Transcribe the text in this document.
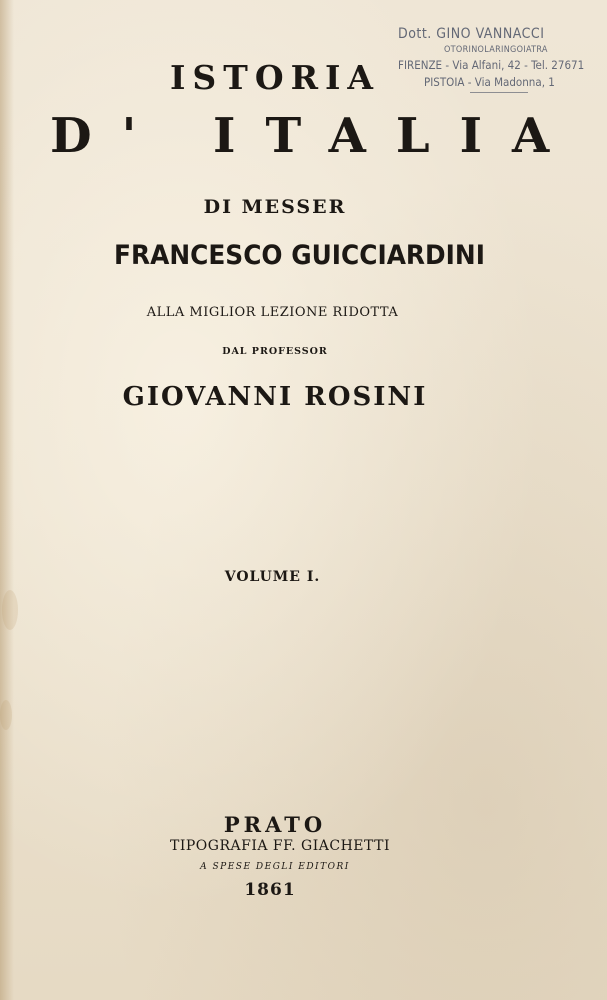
Dott. GINO VANNACCI
OTORINOLARINGOIATRA
FIRENZE - Via Alfani, 42 - Tel. 27671
PISTOIA - Via Madonna, 1
ISTORIA
D' ITALIA
DI MESSER
FRANCESCO GUICCIARDINI
ALLA MIGLIOR LEZIONE RIDOTTA
DAL PROFESSOR
GIOVANNI ROSINI
VOLUME I.
PRATO
TIPOGRAFIA FF. GIACHETTI
A SPESE DEGLI EDITORI
1861
